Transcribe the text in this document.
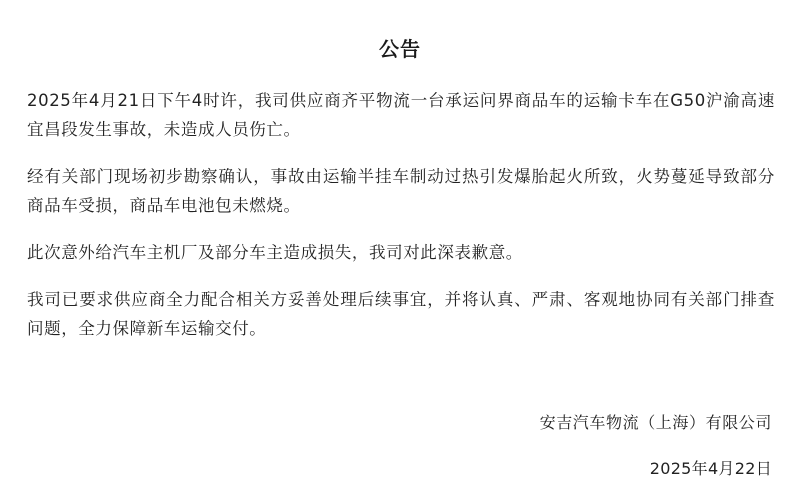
公告

2025年4月21日下午4时许，我司供应商齐平物流一台承运问界商品车的运输卡车在G50沪渝高速宜昌段发生事故，未造成人员伤亡。

经有关部门现场初步勘察确认，事故由运输半挂车制动过热引发爆胎起火所致，火势蔓延导致部分商品车受损，商品车电池包未燃烧。

此次意外给汽车主机厂及部分车主造成损失，我司对此深表歉意。

我司已要求供应商全力配合相关方妥善处理后续事宜，并将认真、严肃、客观地协同有关部门排查问题，全力保障新车运输交付。

安吉汽车物流（上海）有限公司
2025年4月22日
